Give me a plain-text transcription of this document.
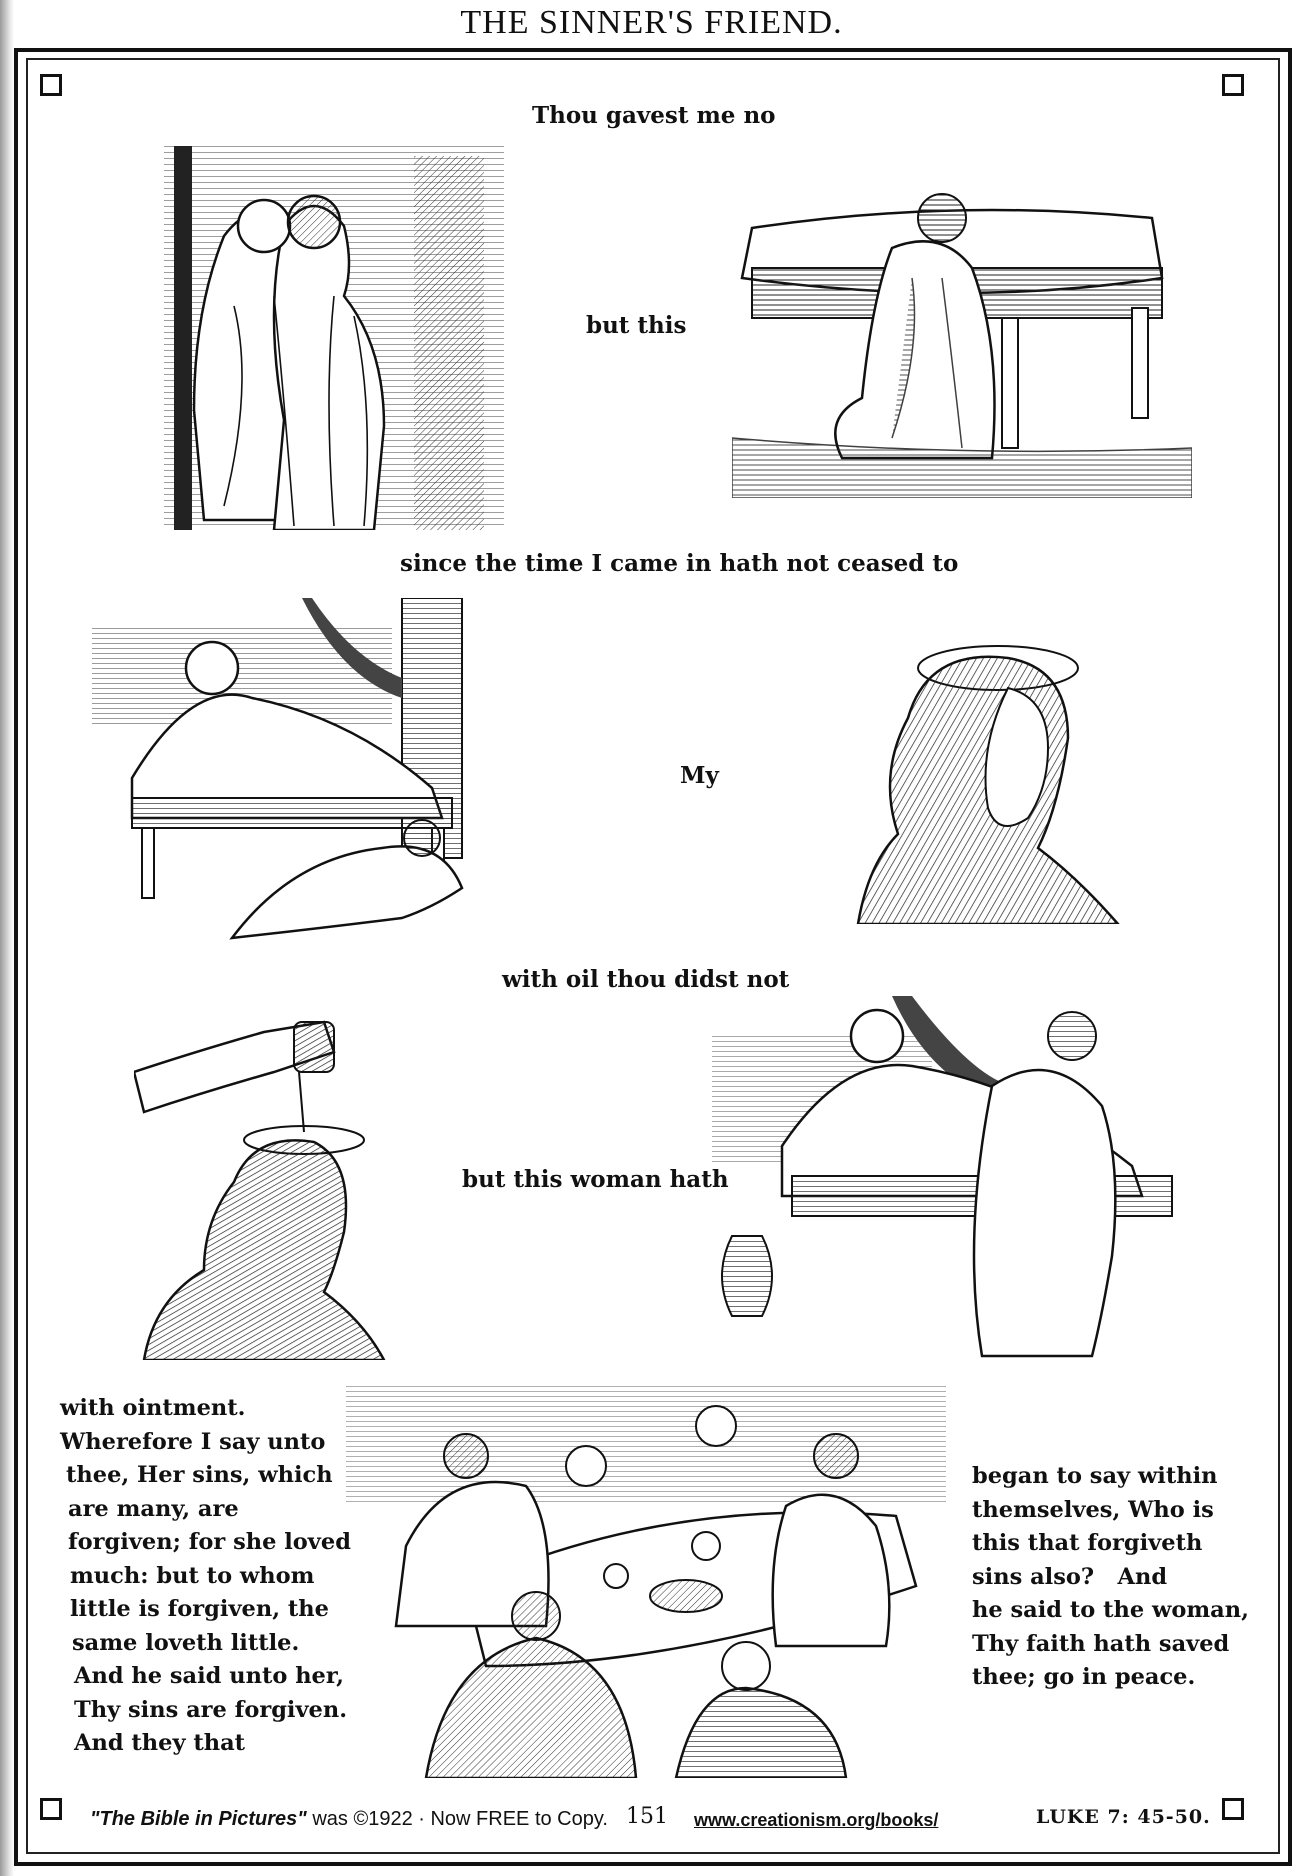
THE SINNER'S FRIEND.
Thou gavest me no
but this
since the time I came in hath not ceased to
My
with oil thou didst not
but this woman hath
with ointment.
Wherefore I say unto
thee, Her sins, which
are many, are
forgiven; for she loved
much: but to whom
little is forgiven, the
same loveth little.
And he said unto her,
Thy sins are forgiven.
And they that
began to say within
themselves, Who is
this that forgiveth
sins also?   And
he said to the woman,
Thy faith hath saved
thee; go in peace.
"The Bible in Pictures" was ©1922 · Now FREE to Copy. 151 www.creationism.org/books/	LUKE 7: 45-50.
